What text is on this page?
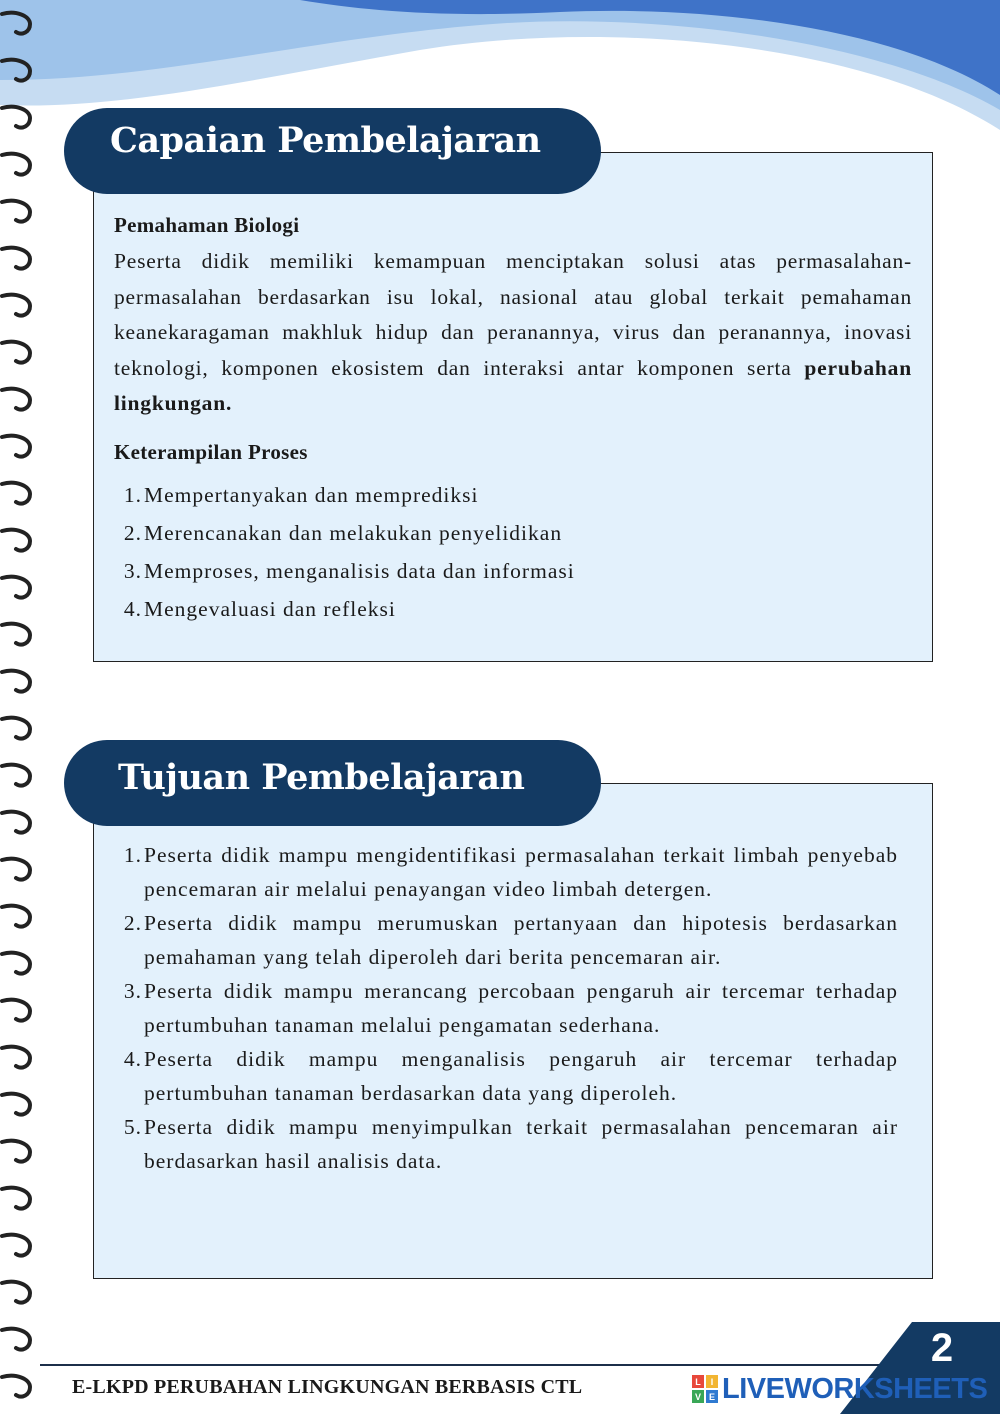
Pemahaman Biologi
Peserta didik memiliki kemampuan menciptakan solusi atas permasalahan-permasalahan berdasarkan isu lokal, nasional atau global terkait pemahaman keanekaragaman makhluk hidup dan peranannya, virus dan peranannya, inovasi teknologi, komponen ekosistem dan interaksi antar komponen serta perubahan lingkungan.
Keterampilan Proses
1. Mempertanyakan dan memprediksi
2. Merencanakan dan melakukan penyelidikan
3. Memproses, menganalisis data dan informasi
4. Mengevaluasi dan refleksi
Capaian Pembelajaran
1. Peserta didik mampu mengidentifikasi permasalahan terkait limbah penyebab pencemaran air melalui penayangan video limbah detergen.
2. Peserta didik mampu merumuskan pertanyaan dan hipotesis berdasarkan pemahaman yang telah diperoleh dari berita pencemaran air.
3. Peserta didik mampu merancang percobaan pengaruh air tercemar terhadap pertumbuhan tanaman melalui pengamatan sederhana.
4. Peserta didik mampu menganalisis pengaruh air tercemar terhadap pertumbuhan tanaman berdasarkan data yang diperoleh.
5. Peserta didik mampu menyimpulkan terkait permasalahan pencemaran air berdasarkan hasil analisis data.
Tujuan Pembelajaran
E-LKPD PERUBAHAN LINGKUNGAN BERBASIS CTL
2
L I
V E LIVEWORKSHEETS
